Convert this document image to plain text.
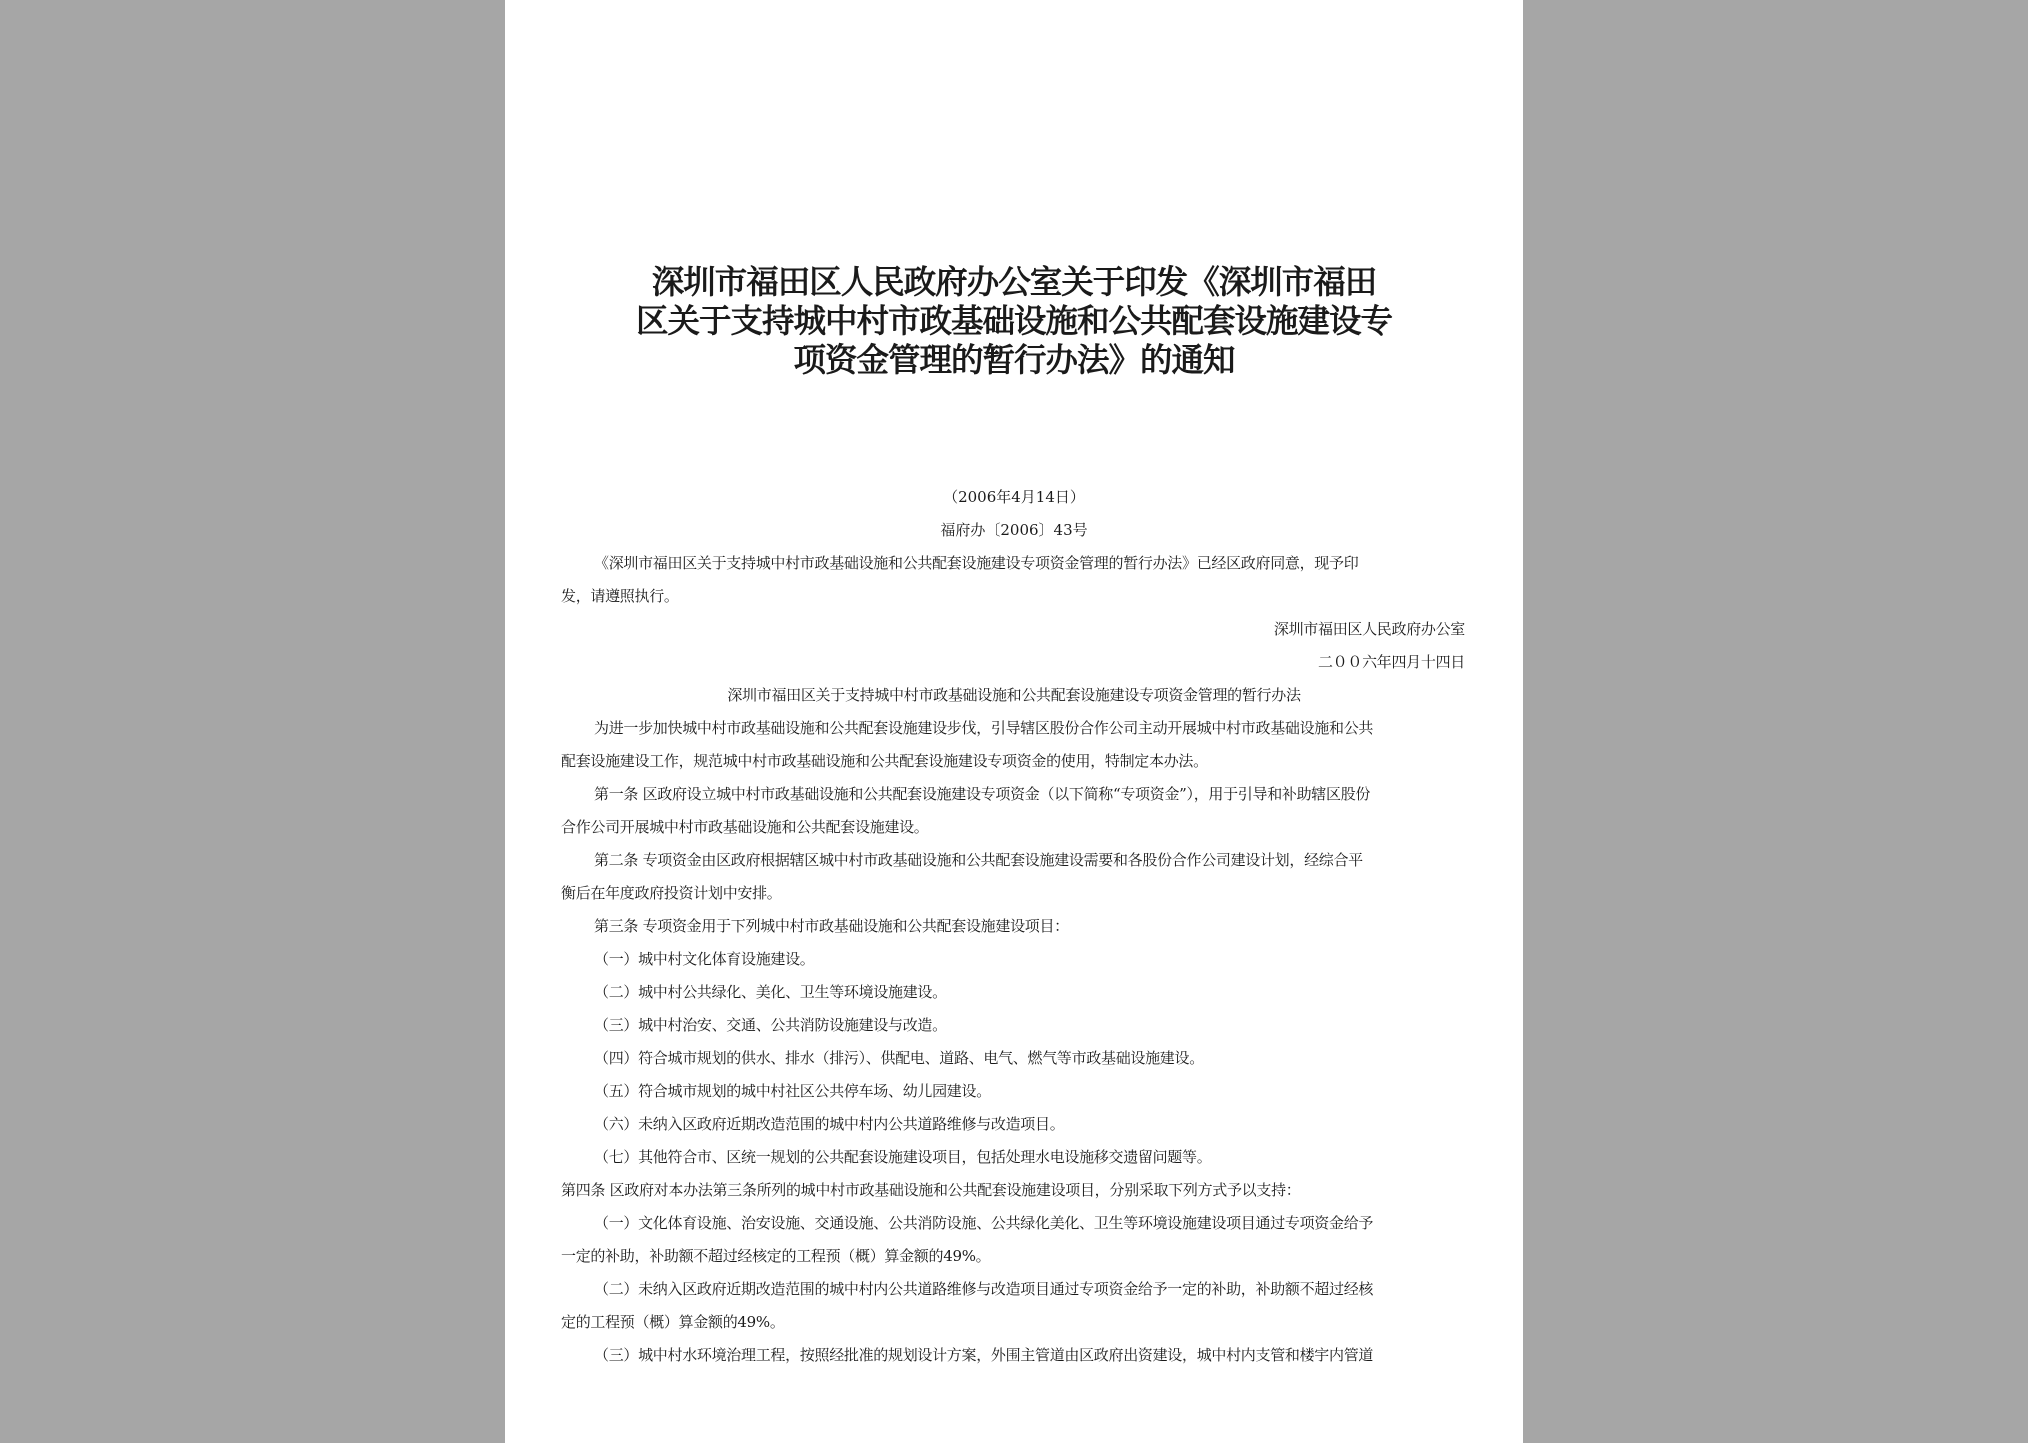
深圳市福田区人民政府办公室关于印发《深圳市福田
区关于支持城中村市政基础设施和公共配套设施建设专
项资金管理的暂行办法》的通知
（2006年4月14日）
福府办〔2006〕43号
《深圳市福田区关于支持城中村市政基础设施和公共配套设施建设专项资金管理的暂行办法》已经区政府同意，现予印
发，请遵照执行。
深圳市福田区人民政府办公室
二００六年四月十四日
深圳市福田区关于支持城中村市政基础设施和公共配套设施建设专项资金管理的暂行办法
为进一步加快城中村市政基础设施和公共配套设施建设步伐，引导辖区股份合作公司主动开展城中村市政基础设施和公共
配套设施建设工作，规范城中村市政基础设施和公共配套设施建设专项资金的使用，特制定本办法。
第一条 区政府设立城中村市政基础设施和公共配套设施建设专项资金（以下简称“专项资金”），用于引导和补助辖区股份
合作公司开展城中村市政基础设施和公共配套设施建设。
第二条 专项资金由区政府根据辖区城中村市政基础设施和公共配套设施建设需要和各股份合作公司建设计划，经综合平
衡后在年度政府投资计划中安排。
第三条 专项资金用于下列城中村市政基础设施和公共配套设施建设项目：
（一）城中村文化体育设施建设。
（二）城中村公共绿化、美化、卫生等环境设施建设。
（三）城中村治安、交通、公共消防设施建设与改造。
（四）符合城市规划的供水、排水（排污）、供配电、道路、电气、燃气等市政基础设施建设。
（五）符合城市规划的城中村社区公共停车场、幼儿园建设。
（六）未纳入区政府近期改造范围的城中村内公共道路维修与改造项目。
（七）其他符合市、区统一规划的公共配套设施建设项目，包括处理水电设施移交遗留问题等。
第四条 区政府对本办法第三条所列的城中村市政基础设施和公共配套设施建设项目，分别采取下列方式予以支持：
（一）文化体育设施、治安设施、交通设施、公共消防设施、公共绿化美化、卫生等环境设施建设项目通过专项资金给予
一定的补助，补助额不超过经核定的工程预（概）算金额的49%。
（二）未纳入区政府近期改造范围的城中村内公共道路维修与改造项目通过专项资金给予一定的补助，补助额不超过经核
定的工程预（概）算金额的49%。
（三）城中村水环境治理工程，按照经批准的规划设计方案，外围主管道由区政府出资建设，城中村内支管和楼宇内管道
